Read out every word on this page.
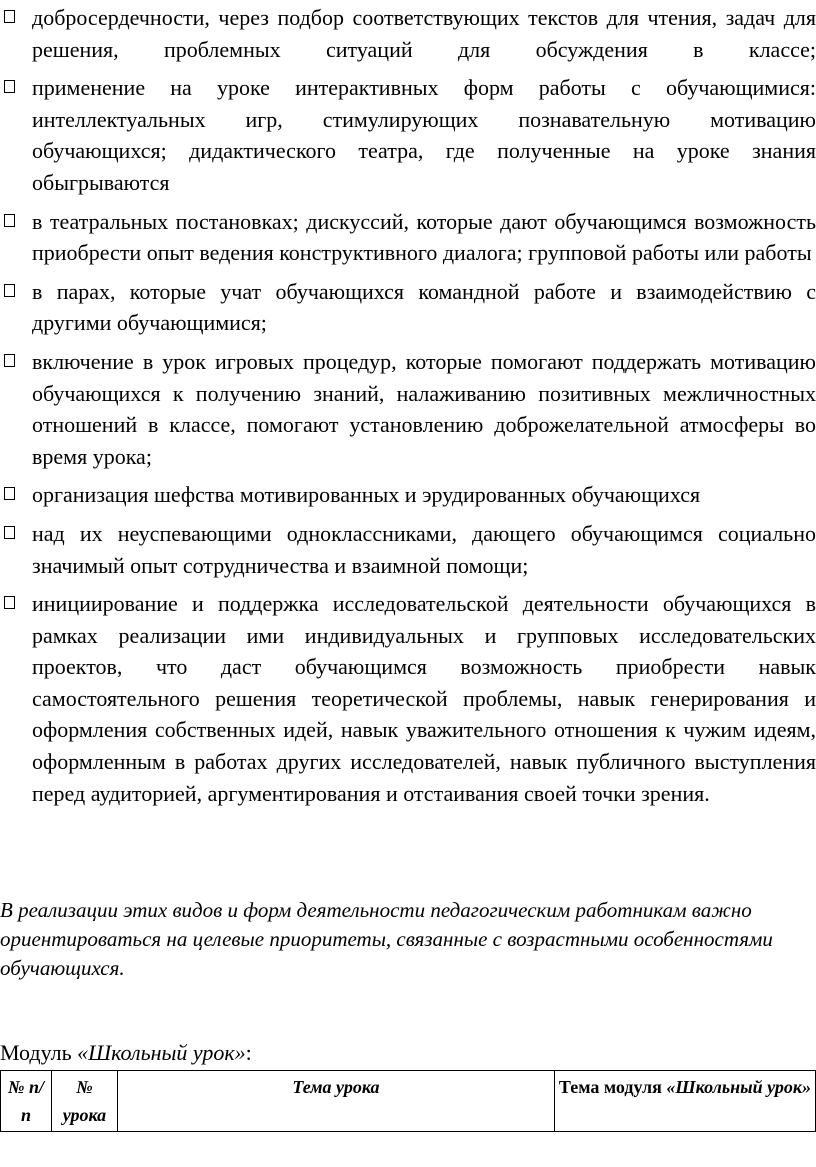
добросердечности, через подбор соответствующих текстов для чтения, задач для решения, проблемных ситуаций для обсуждения в классе;
применение на уроке интерактивных форм работы с обучающимися: интеллектуальных игр, стимулирующих познавательную мотивацию обучающихся; дидактического театра, где полученные на уроке знания обыгрываются
в театральных постановках; дискуссий, которые дают обучающимся возможность приобрести опыт ведения конструктивного диалога; групповой работы или работы
в парах, которые учат обучающихся командной работе и взаимодействию с другими обучающимися;
включение в урок игровых процедур, которые помогают поддержать мотивацию обучающихся к получению знаний, налаживанию позитивных межличностных отношений в классе, помогают установлению доброжелательной атмосферы во время урока;
организация шефства мотивированных и эрудированных обучающихся
над их неуспевающими одноклассниками, дающего обучающимся социально значимый опыт сотрудничества и взаимной помощи;
инициирование и поддержка исследовательской деятельности обучающихся в рамках реализации ими индивидуальных и групповых исследовательских проектов, что даст обучающимся возможность приобрести навык самостоятельного решения теоретической проблемы, навык генерирования и оформления собственных идей, навык уважительного отношения к чужим идеям, оформленным в работах других исследователей, навык публичного выступления перед аудиторией, аргументирования и отстаивания своей точки зрения.
В реализации этих видов и форм деятельности педагогическим работникам важно ориентироваться на целевые приоритеты, связанные с возрастными особенностями обучающихся.
Модуль «Школьный урок»:
№ п/п	№ урока	Тема урока	Тема модуля «Школьный урок»
